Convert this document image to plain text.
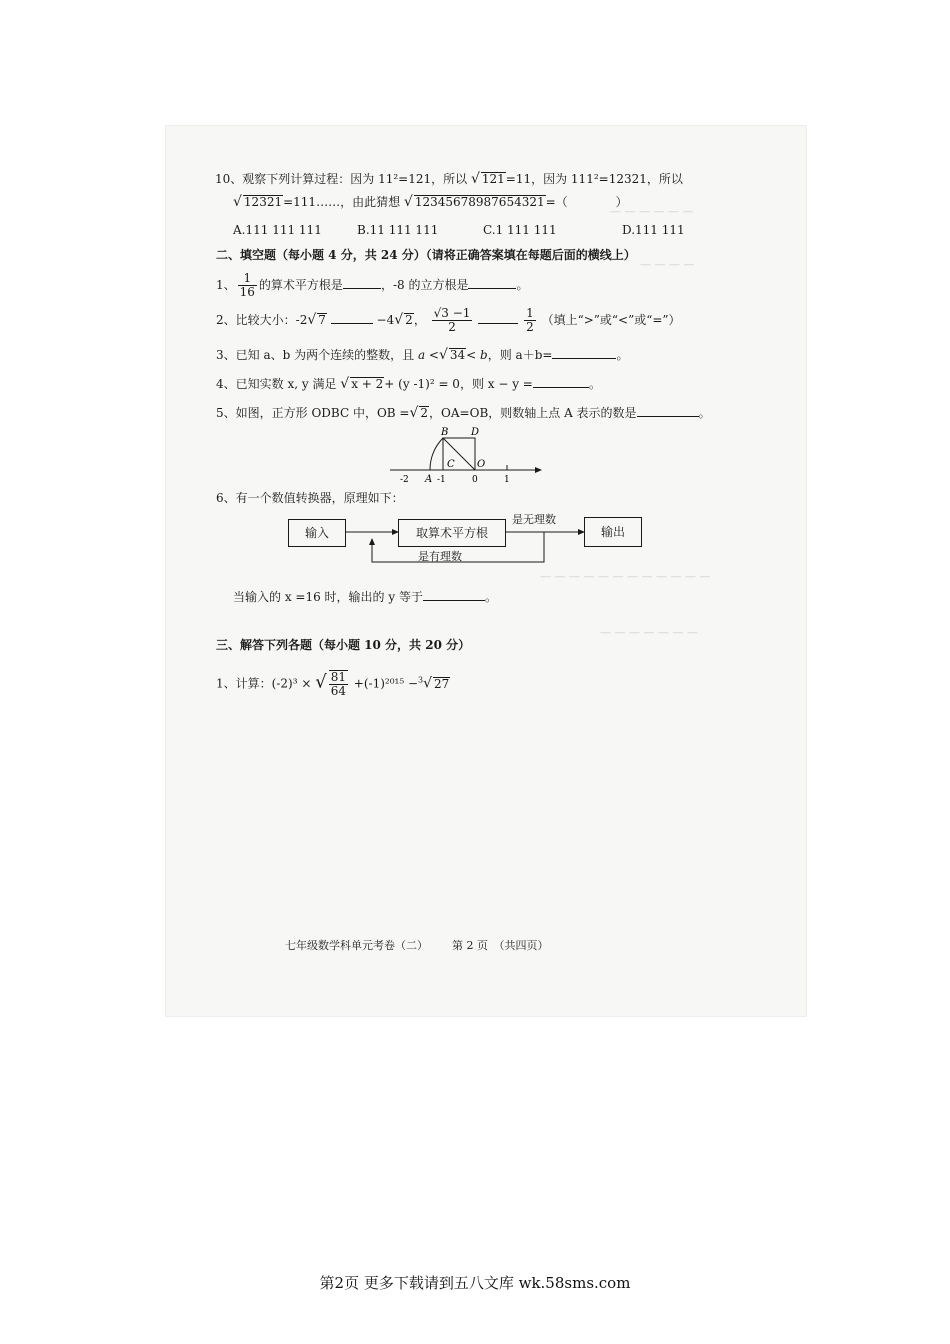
— — — — — —
— — — —
— — — — — — — — — — — —
— — — — — — —
10、观察下列计算过程：因为 11²=121，所以 √ 121=11，因为 111²=12321，所以
√ 12321=111……，由此猜想 √ 12345678987654321=（　　　　）
A.111 111 111	B.11 111 111	C.1 111 111	D.111 111
二、填空题（每小题 4 分，共 24 分）（请将正确答案填在每题后面的横线上）
1、 $\frac{1}{16}$ 的算术平方根是	，-8 的立方根是	。
2、比较大小：-2√ 7	−4√ 2， $\frac{√3 -1}{2}$
	$\frac{1}{2}$ （填上“>”或“<”或“=”）
3、已知 a、b 为两个连续的整数，且 a <√ 34< b，则 a＋b=	。
4、已知实数 x, y 满足 √ x + 2+ (y -1)² = 0，则 x − y =	。
5、如图，正方形 ODBC 中，OB =√ 2，OA=OB，则数轴上点 A 表示的数是	。
B D
C O
A
-2	-1	0	1
6、有一个数值转换器，原理如下：
输入	取算术平方根	输出
是无理数
是有理数
当输入的 x =16 时，输出的 y 等于	。
三、解答下列各题（每小题 10 分，共 20 分）
1、计算：(-2)³ × √ $\frac{81}{64} +(-1)^{2015} -^3√$ 27
七年级数学科单元考卷（二） 第 2 页　（共四页）
第2页 更多下载请到五八文库 wk.58sms.com
